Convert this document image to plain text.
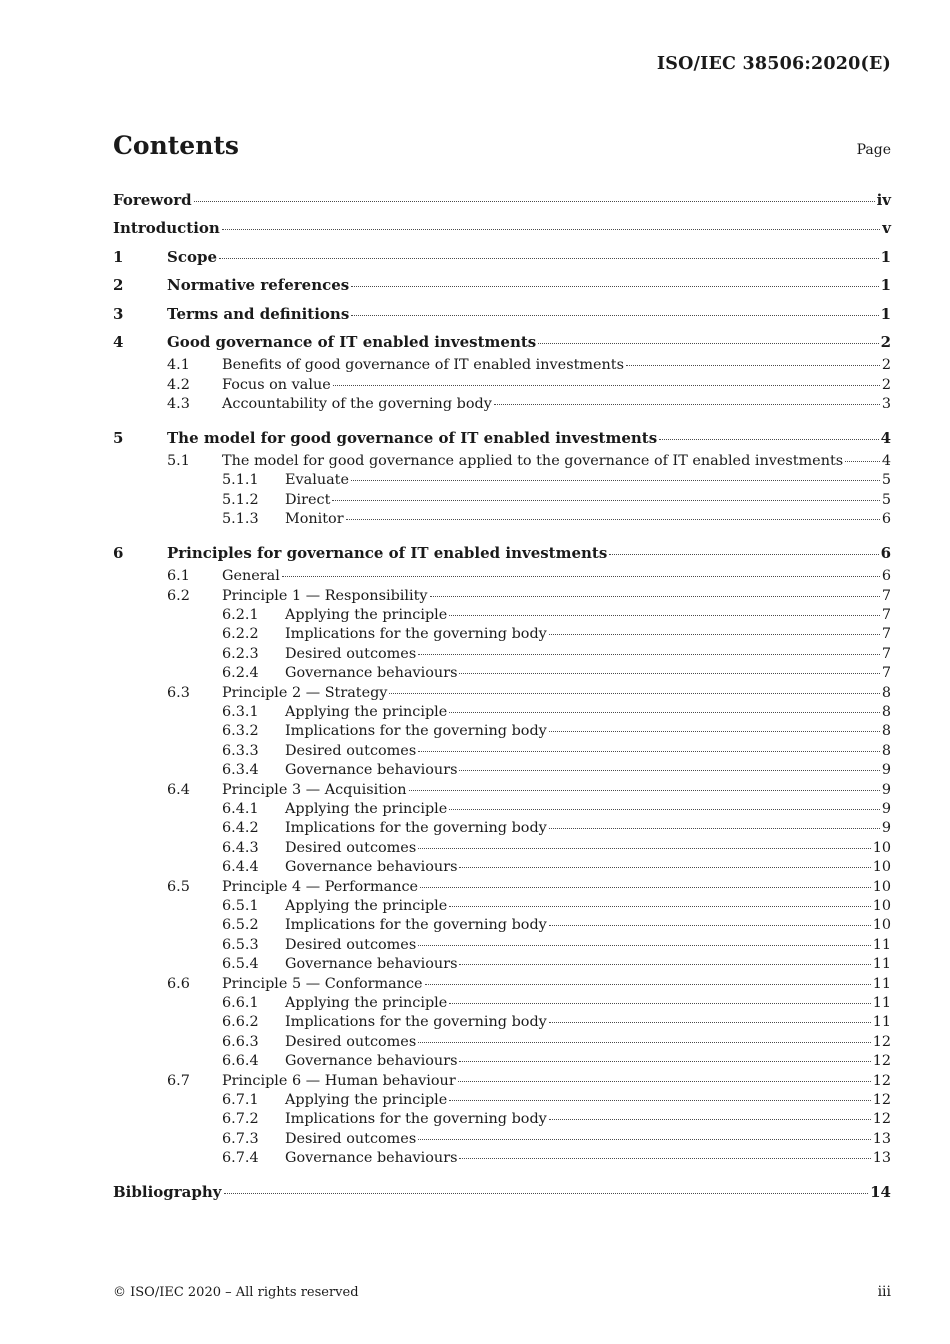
ISO/IEC 38506:2020(E)
Contents	Page
Foreword	iv
Introduction	v
1	Scope	1
2	Normative references	1
3	Terms and definitions	1
4	Good governance of IT enabled investments	2
4.1	Benefits of good governance of IT enabled investments	2
4.2	Focus on value	2
4.3	Accountability of the governing body	3
5	The model for good governance of IT enabled investments	4
5.1	The model for good governance applied to the governance of IT enabled investments	4
5.1.1	Evaluate	5
5.1.2	Direct	5
5.1.3	Monitor	6
6	Principles for governance of IT enabled investments	6
6.1	General	6
6.2	Principle 1 — Responsibility	7
6.2.1	Applying the principle	7
6.2.2	Implications for the governing body	7
6.2.3	Desired outcomes	7
6.2.4	Governance behaviours	7
6.3	Principle 2 — Strategy	8
6.3.1	Applying the principle	8
6.3.2	Implications for the governing body	8
6.3.3	Desired outcomes	8
6.3.4	Governance behaviours	9
6.4	Principle 3 — Acquisition	9
6.4.1	Applying the principle	9
6.4.2	Implications for the governing body	9
6.4.3	Desired outcomes	10
6.4.4	Governance behaviours	10
6.5	Principle 4 — Performance	10
6.5.1	Applying the principle	10
6.5.2	Implications for the governing body	10
6.5.3	Desired outcomes	11
6.5.4	Governance behaviours	11
6.6	Principle 5 — Conformance	11
6.6.1	Applying the principle	11
6.6.2	Implications for the governing body	11
6.6.3	Desired outcomes	12
6.6.4	Governance behaviours	12
6.7	Principle 6 — Human behaviour	12
6.7.1	Applying the principle	12
6.7.2	Implications for the governing body	12
6.7.3	Desired outcomes	13
6.7.4	Governance behaviours	13
Bibliography	14
© ISO/IEC 2020 – All rights reserved	iii
